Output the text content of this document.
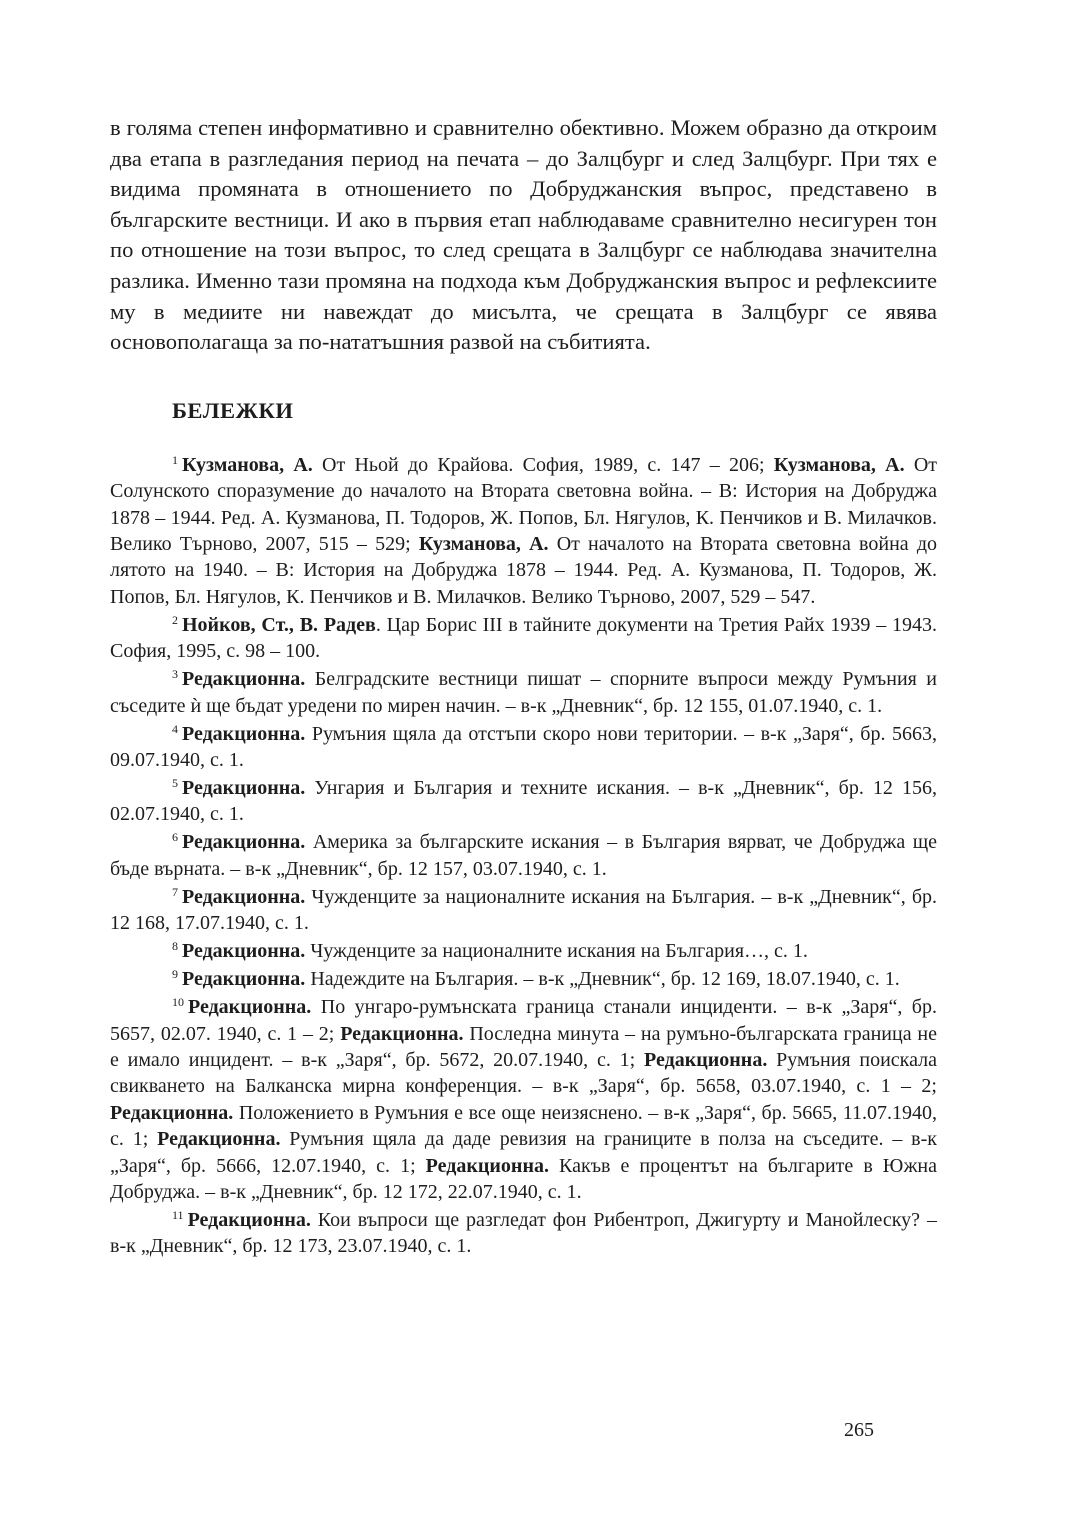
в голяма степен информативно и сравнително обективно. Можем образно да откроим два етапа в разгледания период на печата – до Залцбург и след Залцбург. При тях е видима промяната в отношението по Добруджанския въпрос, представено в българските вестници. И ако в първия етап наблюдаваме сравнително несигурен тон по отношение на този въпрос, то след срещата в Залцбург се наблюдава значителна разлика. Именно тази промяна на подхода към Добруджанския въпрос и рефлексиите му в медиите ни навеждат до мисълта, че срещата в Залцбург се явява основополагаща за по-нататъшния развой на събитията.

БЕЛЕЖКИ

$^1$ Кузманова, А. От Ньой до Крайова. София, 1989, с. 147 – 206; Кузманова, А. От Солунското споразумение до началото на Втората световна война. – В: История на Добруджа 1878 – 1944. Ред. А. Кузманова, П. Тодоров, Ж. Попов, Бл. Нягулов, К. Пенчиков и В. Милачков. Велико Търново, 2007, 515 – 529; Кузманова, А. От началото на Втората световна война до лятото на 1940. – В: История на Добруджа 1878 – 1944. Ред. А. Кузманова, П. Тодоров, Ж. Попов, Бл. Нягулов, К. Пенчиков и В. Милачков. Велико Търново, 2007, 529 – 547.

$^2$ Нойков, Ст., В. Радев. Цар Борис III в тайните документи на Третия Райх 1939 – 1943. София, 1995, с. 98 – 100.

$^3$ Редакционна. Белградските вестници пишат – спорните въпроси между Румъния и съседите ѝ ще бъдат уредени по мирен начин. – в-к „Дневник“, бр. 12 155, 01.07.1940, с. 1.

$^4$ Редакционна. Румъния щяла да отстъпи скоро нови територии. – в-к „Заря“, бр. 5663, 09.07.1940, с. 1.

$^5$ Редакционна. Унгария и България и техните искания. – в-к „Дневник“, бр. 12 156, 02.07.1940, с. 1.

$^6$ Редакционна. Америка за българските искания – в България вярват, че Добруджа ще бъде върната. – в-к „Дневник“, бр. 12 157, 03.07.1940, с. 1.

$^7$ Редакционна. Чужденците за националните искания на България. – в-к „Дневник“, бр. 12 168, 17.07.1940, с. 1.

$^8$ Редакционна. Чужденците за националните искания на България…, с. 1.

$^9$ Редакционна. Надеждите на България. – в-к „Дневник“, бр. 12 169, 18.07.1940, с. 1.

$^{10}$ Редакционна. По унгаро-румънската граница станали инциденти. – в-к „Заря“, бр. 5657, 02.07. 1940, с. 1 – 2; Редакционна. Последна минута – на румъно-българската граница не е имало инцидент. – в-к „Заря“, бр. 5672, 20.07.1940, с. 1; Редакционна. Румъния поискала свикването на Балканска мирна конференция. – в-к „Заря“, бр. 5658, 03.07.1940, с. 1 – 2; Редакционна. Положението в Румъния е все още неизяснено. – в-к „Заря“, бр. 5665, 11.07.1940, с. 1; Редакционна. Румъния щяла да даде ревизия на границите в полза на съседите. – в-к „Заря“, бр. 5666, 12.07.1940, с. 1; Редакционна. Какъв е процентът на българите в Южна Добруджа. – в-к „Дневник“, бр. 12 172, 22.07.1940, с. 1.

$^{11}$ Редакционна. Кои въпроси ще разгледат фон Рибентроп, Джигурту и Манойлеску? – в-к „Дневник“, бр. 12 173, 23.07.1940, с. 1.

265
